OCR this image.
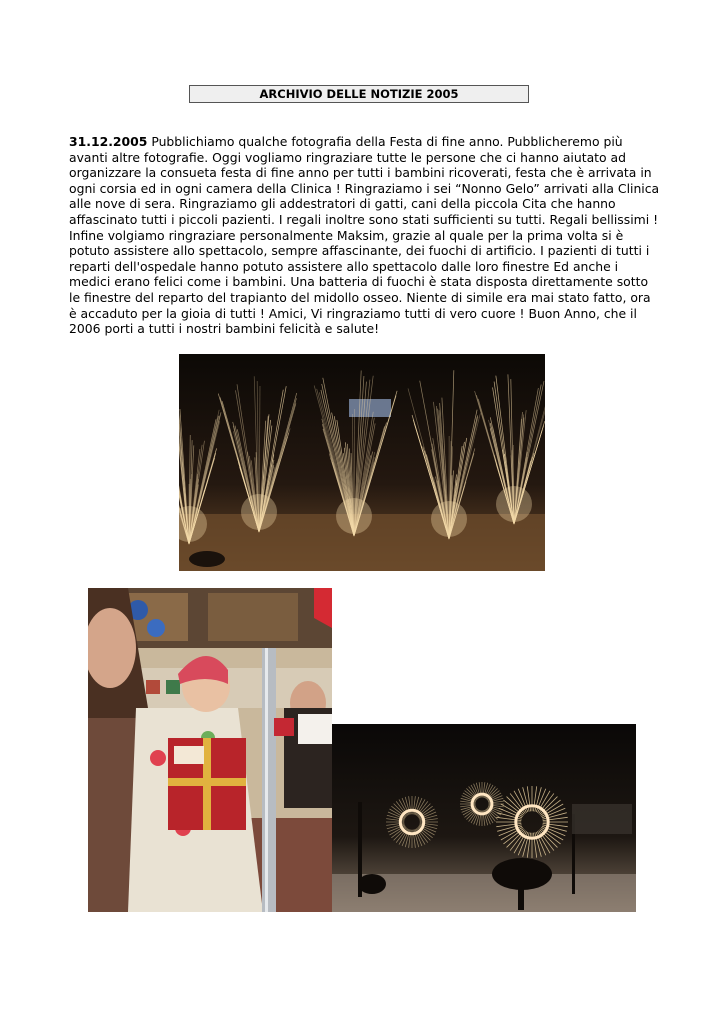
ARCHIVIO DELLE NOTIZIE 2005

31.12.2005 Pubblichiamo qualche fotografia della Festa di fine anno. Pubblicheremo più avanti altre fotografie. Oggi vogliamo ringraziare tutte le persone che ci hanno aiutato ad organizzare la consueta festa di fine anno per tutti i bambini ricoverati, festa che è arrivata in ogni corsia ed in ogni camera della Clinica ! Ringraziamo i sei “Nonno Gelo” arrivati alla Clinica alle nove di sera. Ringraziamo gli addestratori di gatti, cani della piccola Cita che hanno affascinato tutti i piccoli pazienti. I regali inoltre sono stati sufficienti su tutti. Regali bellissimi ! Infine volgiamo ringraziare personalmente Maksim, grazie al quale per la prima volta si è potuto assistere allo spettacolo, sempre affascinante, dei fuochi di artificio. I pazienti di tutti i reparti dell'ospedale hanno potuto assistere allo spettacolo dalle loro finestre Ed anche i medici erano felici come i bambini. Una batteria di fuochi è stata disposta direttamente sotto le finestre del reparto del trapianto del midollo osseo. Niente di simile era mai stato fatto, ora è accaduto per la gioia di tutti ! Amici, Vi ringraziamo tutti di vero cuore ! Buon Anno, che il 2006 porti a tutti i nostri bambini felicità e salute!
